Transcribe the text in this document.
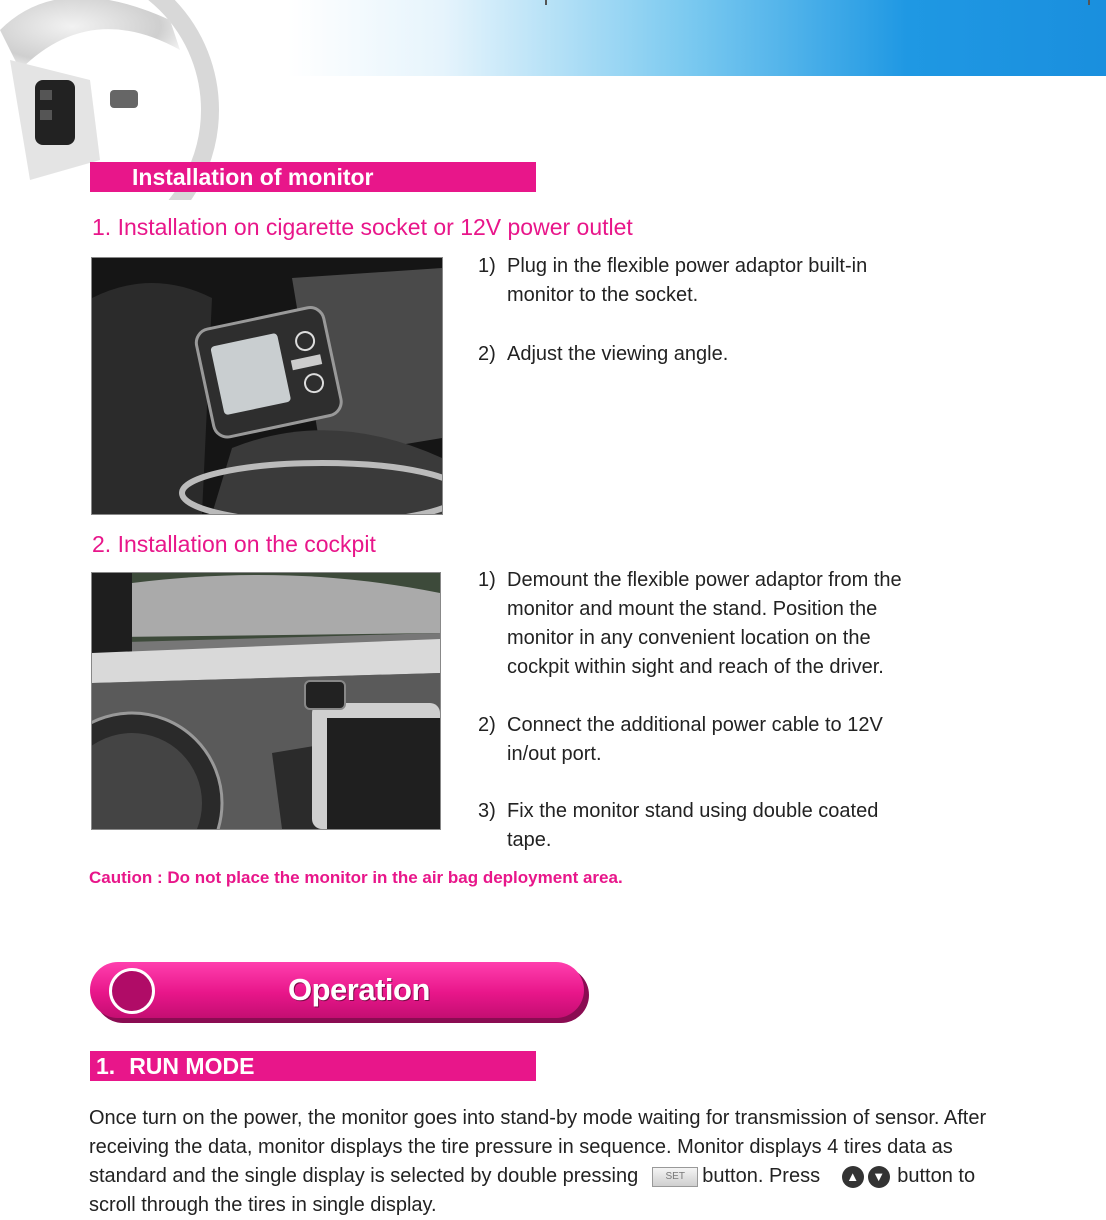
Installation of monitor
1. Installation on cigarette socket or 12V power outlet
1) Plug in the flexible power adaptor built-in
monitor to the socket.
2) Adjust the viewing angle.
2. Installation on the cockpit
1) Demount the flexible power adaptor from the
monitor and mount the stand. Position the
monitor in any convenient location on the
cockpit within sight and reach of the driver.
2) Connect the additional power cable to 12V
in/out port.
3) Fix the monitor stand using double coated
tape.
Caution : Do not place the monitor in the air bag deployment area.
Operation
1. RUN MODE
Once turn on the power, the monitor goes into stand-by mode waiting for transmission of sensor. After receiving the data, monitor displays the tire pressure in sequence. Monitor displays 4 tires data as standard and the single display is selected by double pressing	SET button. Press ▲ ▼ button to scroll through the tires in single display.
